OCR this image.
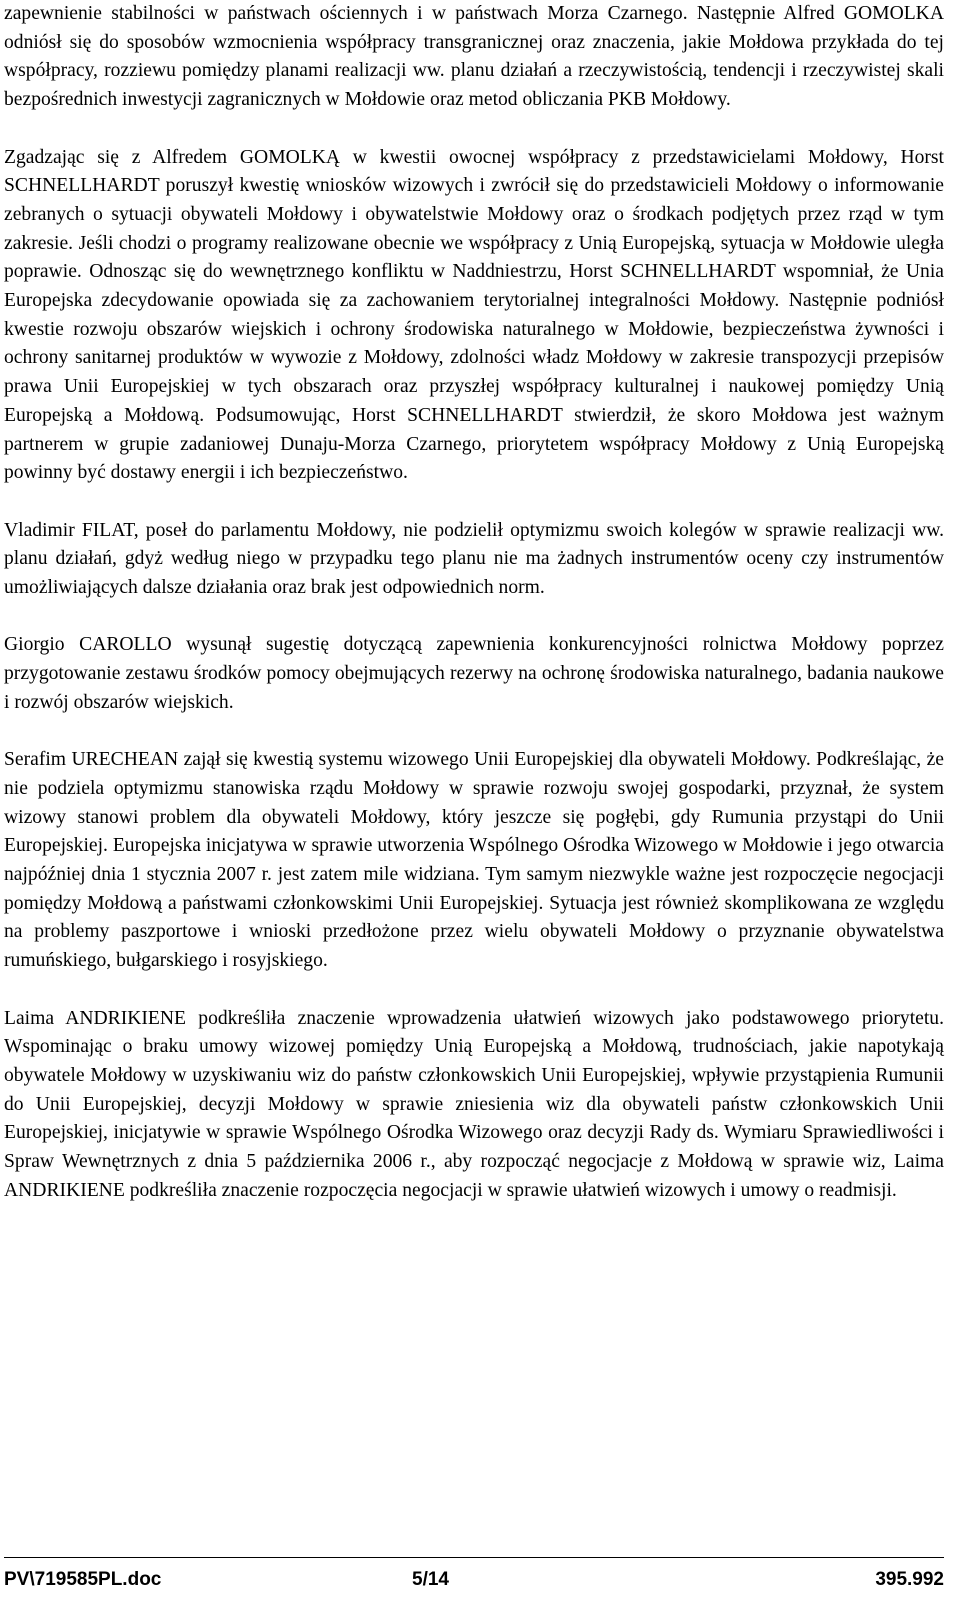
zapewnienie stabilności w państwach ościennych i w państwach Morza Czarnego. Następnie Alfred GOMOLKA odniósł się do sposobów wzmocnienia współpracy transgranicznej oraz znaczenia, jakie Mołdowa przykłada do tej współpracy, rozziewu pomiędzy planami realizacji ww. planu działań a rzeczywistością, tendencji i rzeczywistej skali bezpośrednich inwestycji zagranicznych w Mołdowie oraz metod obliczania PKB Mołdowy.

Zgadzając się z Alfredem GOMOLKĄ w kwestii owocnej współpracy z przedstawicielami Mołdowy, Horst SCHNELLHARDT poruszył kwestię wniosków wizowych i zwrócił się do przedstawicieli Mołdowy o informowanie zebranych o sytuacji obywateli Mołdowy i obywatelstwie Mołdowy oraz o środkach podjętych przez rząd w tym zakresie. Jeśli chodzi o programy realizowane obecnie we współpracy z Unią Europejską, sytuacja w Mołdowie uległa poprawie. Odnosząc się do wewnętrznego konfliktu w Naddniestrzu, Horst SCHNELLHARDT wspomniał, że Unia Europejska zdecydowanie opowiada się za zachowaniem terytorialnej integralności Mołdowy. Następnie podniósł kwestie rozwoju obszarów wiejskich i ochrony środowiska naturalnego w Mołdowie, bezpieczeństwa żywności i ochrony sanitarnej produktów w wywozie z Mołdowy, zdolności władz Mołdowy w zakresie transpozycji przepisów prawa Unii Europejskiej w tych obszarach oraz przyszłej współpracy kulturalnej i naukowej pomiędzy Unią Europejską a Mołdową. Podsumowując, Horst SCHNELLHARDT stwierdził, że skoro Mołdowa jest ważnym partnerem w grupie zadaniowej Dunaju-Morza Czarnego, priorytetem współpracy Mołdowy z Unią Europejską powinny być dostawy energii i ich bezpieczeństwo.

Vladimir FILAT, poseł do parlamentu Mołdowy, nie podzielił optymizmu swoich kolegów w sprawie realizacji ww. planu działań, gdyż według niego w przypadku tego planu nie ma żadnych instrumentów oceny czy instrumentów umożliwiających dalsze działania oraz brak jest odpowiednich norm.

Giorgio CAROLLO wysunął sugestię dotyczącą zapewnienia konkurencyjności rolnictwa Mołdowy poprzez przygotowanie zestawu środków pomocy obejmujących rezerwy na ochronę środowiska naturalnego, badania naukowe i rozwój obszarów wiejskich.

Serafim URECHEAN zajął się kwestią systemu wizowego Unii Europejskiej dla obywateli Mołdowy. Podkreślając, że nie podziela optymizmu stanowiska rządu Mołdowy w sprawie rozwoju swojej gospodarki, przyznał, że system wizowy stanowi problem dla obywateli Mołdowy, który jeszcze się pogłębi, gdy Rumunia przystąpi do Unii Europejskiej. Europejska inicjatywa w sprawie utworzenia Wspólnego Ośrodka Wizowego w Mołdowie i jego otwarcia najpóźniej dnia 1 stycznia 2007 r. jest zatem mile widziana. Tym samym niezwykle ważne jest rozpoczęcie negocjacji pomiędzy Mołdową a państwami członkowskimi Unii Europejskiej. Sytuacja jest również skomplikowana ze względu na problemy paszportowe i wnioski przedłożone przez wielu obywateli Mołdowy o przyznanie obywatelstwa rumuńskiego, bułgarskiego i rosyjskiego.

Laima ANDRIKIENE podkreśliła znaczenie wprowadzenia ułatwień wizowych jako podstawowego priorytetu. Wspominając o braku umowy wizowej pomiędzy Unią Europejską a Mołdową, trudnościach, jakie napotykają obywatele Mołdowy w uzyskiwaniu wiz do państw członkowskich Unii Europejskiej, wpływie przystąpienia Rumunii do Unii Europejskiej, decyzji Mołdowy w sprawie zniesienia wiz dla obywateli państw członkowskich Unii Europejskiej, inicjatywie w sprawie Wspólnego Ośrodka Wizowego oraz decyzji Rady ds. Wymiaru Sprawiedliwości i Spraw Wewnętrznych z dnia 5 października 2006 r., aby rozpocząć negocjacje z Mołdową w sprawie wiz, Laima ANDRIKIENE podkreśliła znaczenie rozpoczęcia negocjacji w sprawie ułatwień wizowych i umowy o readmisji.

PV\719585PL.doc	5/14	395.992
